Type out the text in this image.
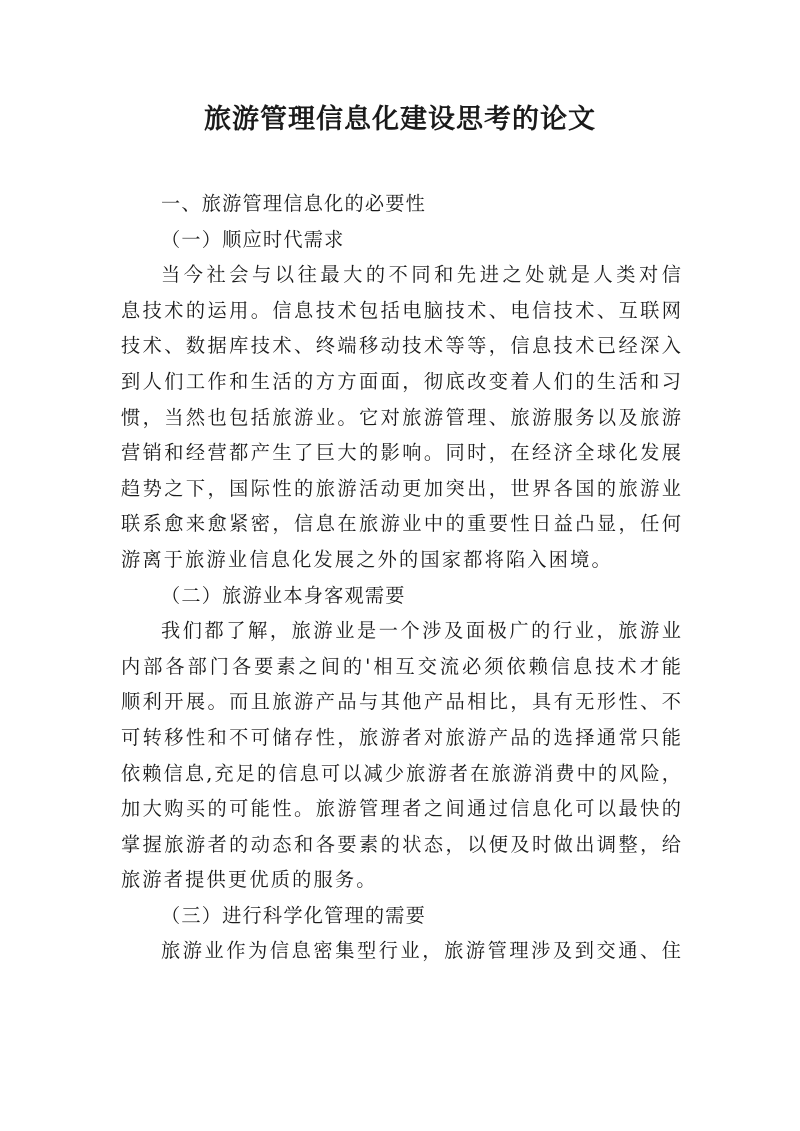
旅游管理信息化建设思考的论文
一、旅游管理信息化的必要性
（一）顺应时代需求
当今社会与以往最大的不同和先进之处就是人类对信
息技术的运用。信息技术包括电脑技术、电信技术、互联网
技术、数据库技术、终端移动技术等等，信息技术已经深入
到人们工作和生活的方方面面，彻底改变着人们的生活和习
惯，当然也包括旅游业。它对旅游管理、旅游服务以及旅游
营销和经营都产生了巨大的影响。同时，在经济全球化发展
趋势之下，国际性的旅游活动更加突出，世界各国的旅游业
联系愈来愈紧密，信息在旅游业中的重要性日益凸显，任何
游离于旅游业信息化发展之外的国家都将陷入困境。
（二）旅游业本身客观需要
我们都了解，旅游业是一个涉及面极广的行业，旅游业
内部各部门各要素之间的'相互交流必须依赖信息技术才能
顺利开展。而且旅游产品与其他产品相比，具有无形性、不
可转移性和不可储存性，旅游者对旅游产品的选择通常只能
依赖信息,充足的信息可以减少旅游者在旅游消费中的风险，
加大购买的可能性。旅游管理者之间通过信息化可以最快的
掌握旅游者的动态和各要素的状态，以便及时做出调整，给
旅游者提供更优质的服务。
（三）进行科学化管理的需要
旅游业作为信息密集型行业，旅游管理涉及到交通、住
